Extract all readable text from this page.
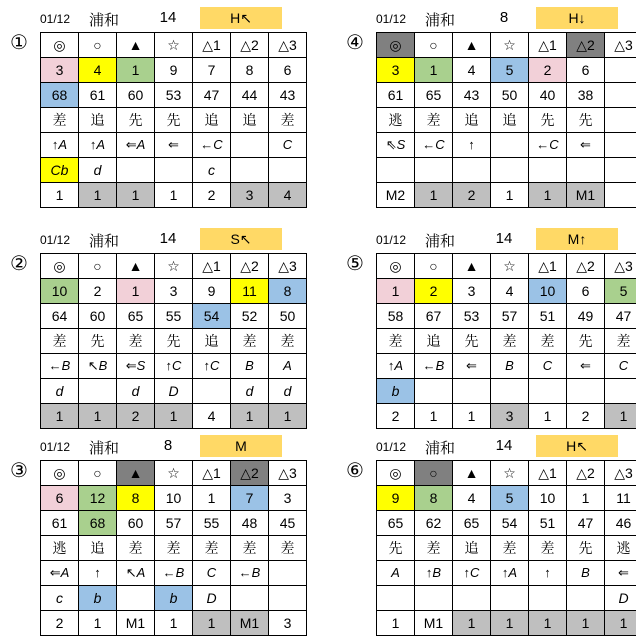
01/12 浦和	14	H↖
① ◎	○	▲	☆	△1	△2	△3
3	4	1	9	7	8	6
68	61	60	53	47	44	43
差	追	先	先	追	追	差
↑A	↑A	⇐A	⇐	←C		C
Cb	d			c		
1	1	1	1	2	3	4
01/12 浦和	8	H↓
④ ◎	○	▲	☆	△1	△2	△3
3	1	4	5	2	6	
61	65	43	50	40	38	
逃	差	追	追	先	先	
⇖S	←C	↑		←C	⇐	

M2	1	2	1	1	M1	
01/12 浦和	14	S↖
② ◎	○	▲	☆	△1	△2	△3
10	2	1	3	9	11	8
64	60	65	55	54	52	50
差	先	差	先	追	差	差
←B	↖B	⇐S	↑C	↑C	B	A
d		d	D		d	d
1	1	2	1	4	1	1
01/12 浦和	14	M↑
⑤ ◎	○	▲	☆	△1	△2	△3
1	2	3	4	10	6	5
58	67	53	57	51	49	47
差	追	先	差	差	先	差
↑A	←B	⇐	B	C	⇐	C
b						
2	1	1	3	1	2	1
01/12 浦和	8	M
③ ◎	○	▲	☆	△1	△2	△3
6	12	8	10	1	7	3
61	68	60	57	55	48	45
逃	追	差	差	差	差	差
⇐A	↑	↖A	←B	C	←B	
c	b		b	D		
2	1	M1	1	1	M1	3
01/12 浦和	14	H↖
⑥ ◎	○	▲	☆	△1	△2	△3
9	8	4	5	10	1	11
65	62	65	54	51	47	46
先	差	追	差	差	先	逃
A	↑B	↑C	↑A	↑	B	⇐
						D
1	M1	1	1	1	1	1
